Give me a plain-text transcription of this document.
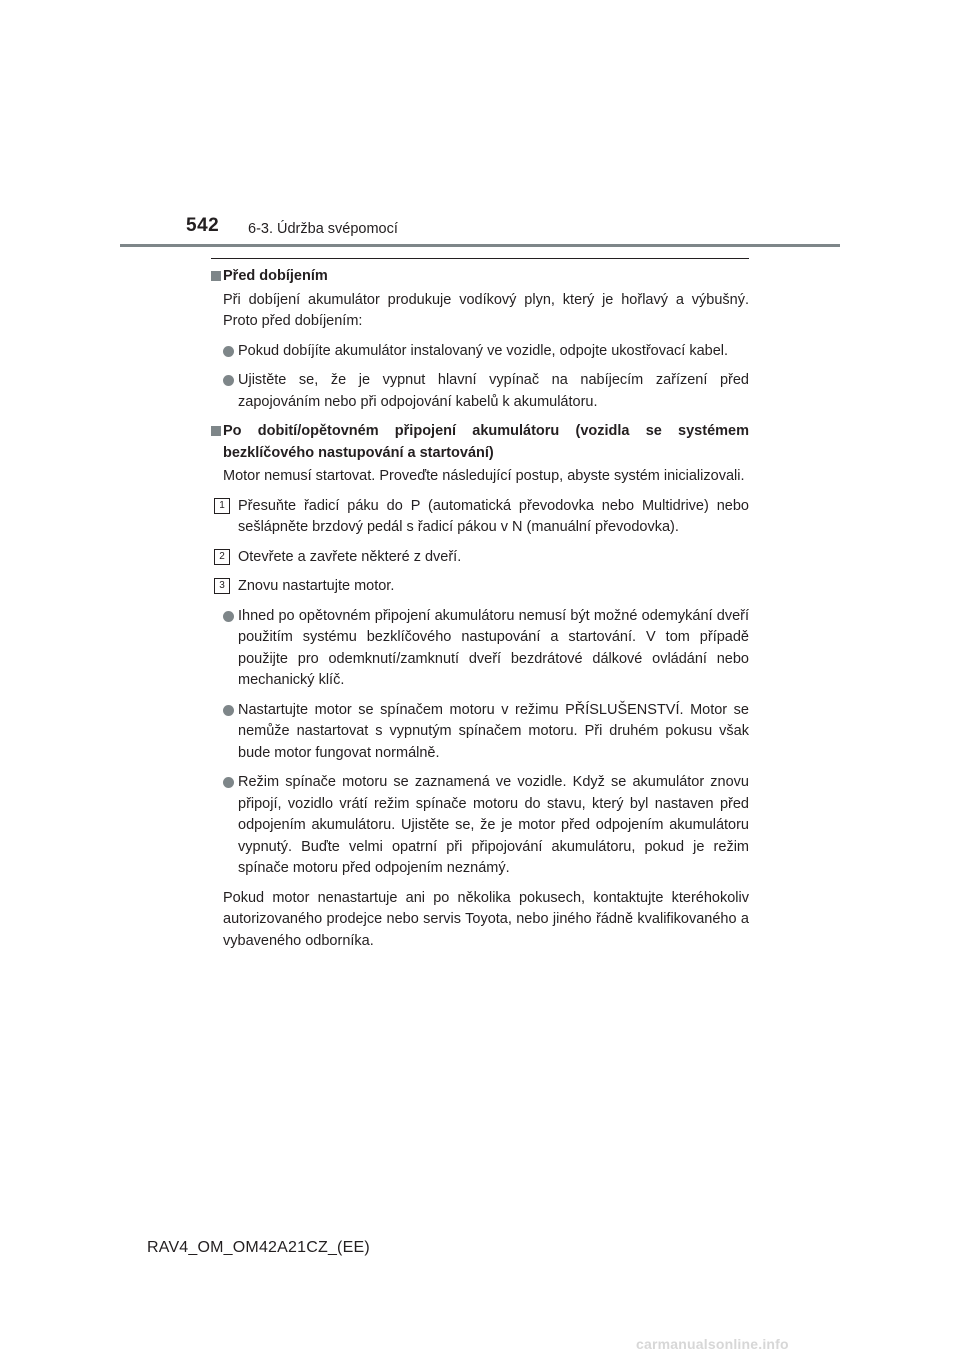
542 6-3. Údržba svépomocí
Před dobíjením

Při dobíjení akumulátor produkuje vodíkový plyn, který je hořlavý a výbušný. Proto před dobíjením:

Pokud dobíjíte akumulátor instalovaný ve vozidle, odpojte ukostřovací kabel.
Ujistěte se, že je vypnut hlavní vypínač na nabíjecím zařízení před zapojováním nebo při odpojování kabelů k akumulátoru.
Po dobití/opětovném připojení akumulátoru (vozidla se systémem bezklíčového nastupování a startování)

Motor nemusí startovat. Proveďte následující postup, abyste systém inicializovali.

1 Přesuňte řadicí páku do P (automatická převodovka nebo Multidrive) nebo sešlápněte brzdový pedál s řadicí pákou v N (manuální převodovka).
2 Otevřete a zavřete některé z dveří.
3 Znovu nastartujte motor.
Ihned po opětovném připojení akumulátoru nemusí být možné odemykání dveří použitím systému bezklíčového nastupování a startování. V tom případě použijte pro odemknutí/zamknutí dveří bezdrátové dálkové ovládání nebo mechanický klíč.
Nastartujte motor se spínačem motoru v režimu PŘÍSLUŠENSTVÍ. Motor se nemůže nastartovat s vypnutým spínačem motoru. Při druhém pokusu však bude motor fungovat normálně.
Režim spínače motoru se zaznamená ve vozidle. Když se akumulátor znovu připojí, vozidlo vrátí režim spínače motoru do stavu, který byl nastaven před odpojením akumulátoru. Ujistěte se, že je motor před odpojením akumulátoru vypnutý. Buďte velmi opatrní při připojování akumulátoru, pokud je režim spínače motoru před odpojením neznámý.

Pokud motor nenastartuje ani po několika pokusech, kontaktujte kteréhokoliv autorizovaného prodejce nebo servis Toyota, nebo jiného řádně kvalifikovaného a vybaveného odborníka.

RAV4_OM_OM42A21CZ_(EE)
carmanualsonline.info
